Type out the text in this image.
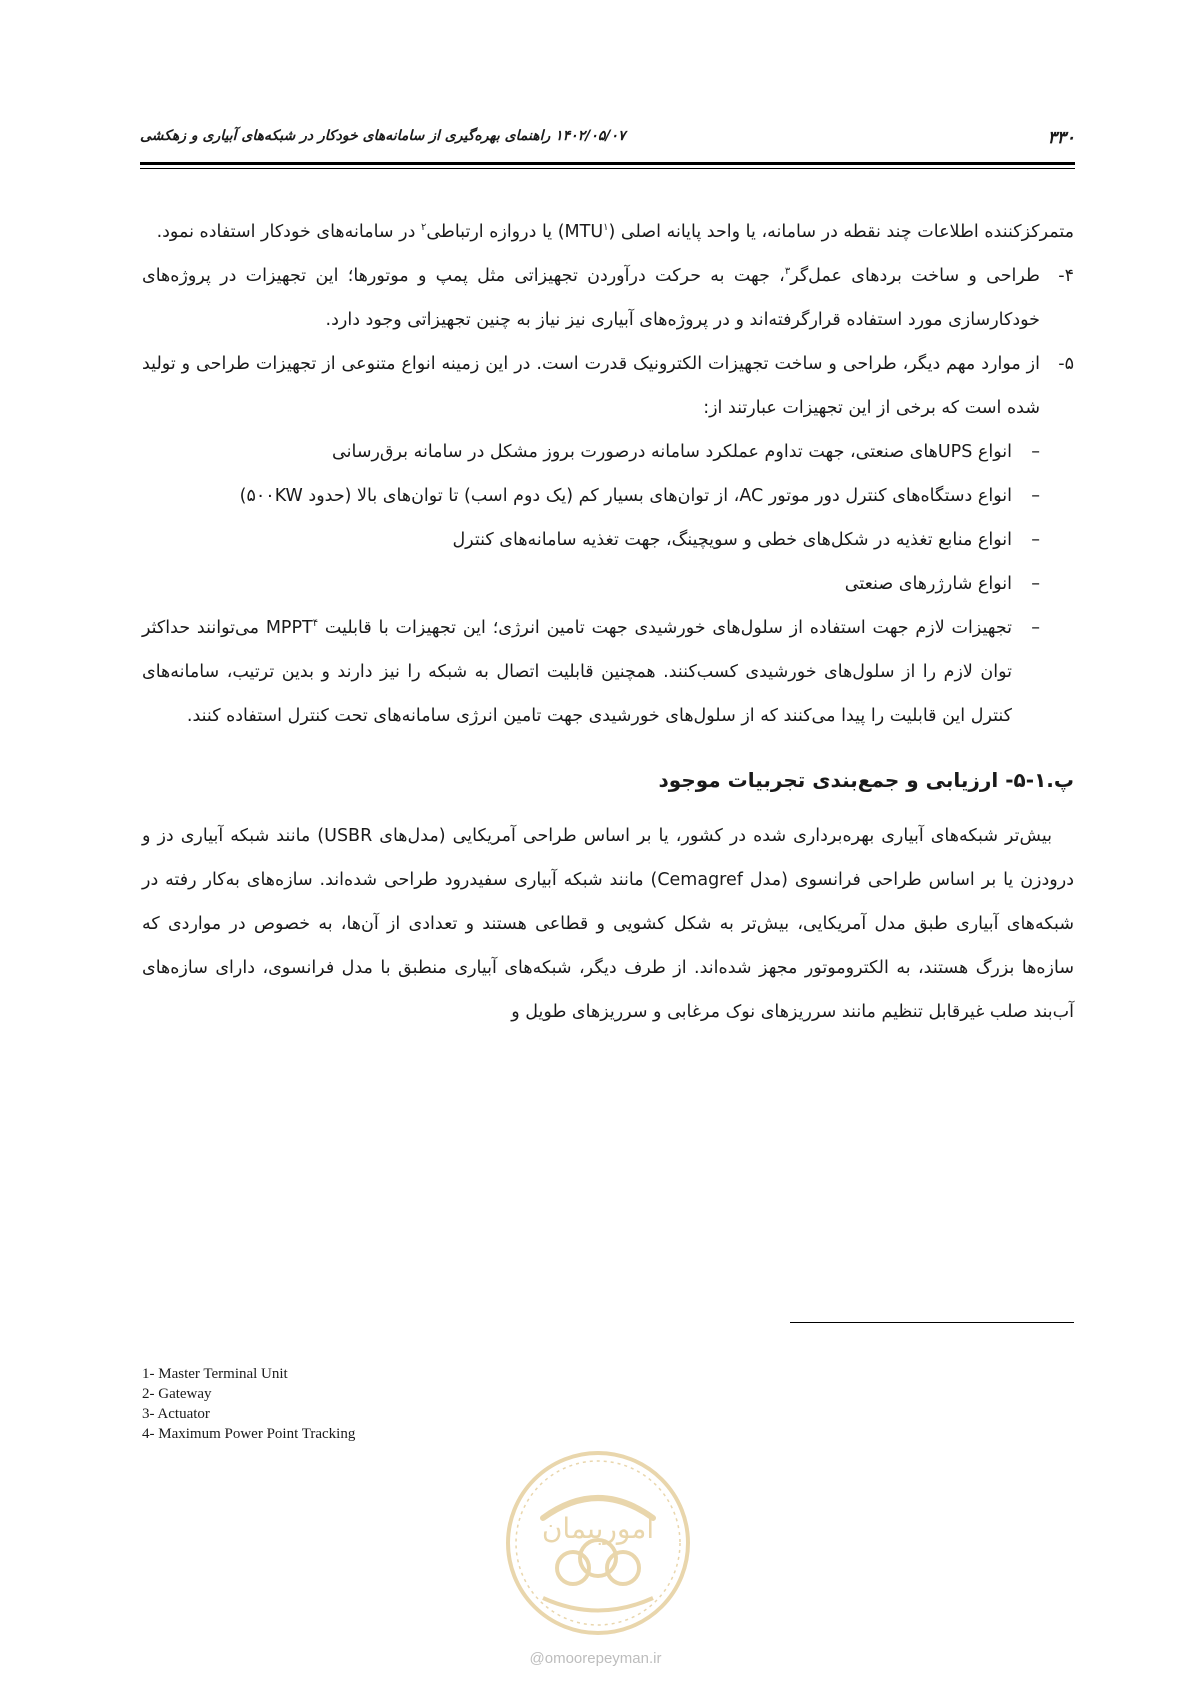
۳۳۰
۱۴۰۲/۰۵/۰۷ راهنمای بهره‌گیری از سامانه‌های خودکار در شبکه‌های آبیاری و زهکشی

متمرکزکننده اطلاعات چند نقطه در سامانه، یا واحد پایانه اصلی (MTU$^۱$) یا دروازه ارتباطی$^۲$ در سامانه‌های خودکار استفاده نمود.

۴-
طراحی و ساخت بردهای عمل‌گر$^۳$، جهت به حرکت درآوردن تجهیزاتی مثل پمپ و موتورها؛ این تجهیزات در پروژه‌های خودکارسازی مورد استفاده قرارگرفته‌اند و در پروژه‌های آبیاری نیز نیاز به چنین تجهیزاتی وجود دارد.
۵-
از موارد مهم دیگر، طراحی و ساخت تجهیزات الکترونیک قدرت است. در این زمینه انواع متنوعی از تجهیزات طراحی و تولید شده است که برخی از این تجهیزات عبارتند از:
–
انواع UPSهای صنعتی، جهت تداوم عملکرد سامانه درصورت بروز مشکل در سامانه برق‌رسانی
–
انواع دستگاه‌های کنترل دور موتور AC، از توان‌های بسیار کم (یک دوم اسب) تا توان‌های بالا (حدود ۵۰۰KW)
–
انواع منابع تغذیه در شکل‌های خطی و سویچینگ، جهت تغذیه سامانه‌های کنترل
–
انواع شارژرهای صنعتی
–
تجهیزات لازم جهت استفاده از سلول‌های خورشیدی جهت تامین انرژی؛ این تجهیزات با قابلیت MPPT$^۴$ می‌توانند حداکثر توان لازم را از سلول‌های خورشیدی کسب‌کنند. همچنین قابلیت اتصال به شبکه را نیز دارند و بدین ترتیب، سامانه‌های کنترل این قابلیت را پیدا می‌کنند که از سلول‌های خورشیدی جهت تامین انرژی سامانه‌های تحت کنترل استفاده کنند.
پ.۱-۵- ارزیابی و جمع‌بندی تجربیات موجود

بیش‌تر شبکه‌های آبیاری بهره‌برداری شده در کشور، یا بر اساس طراحی آمریکایی (مدل‌های USBR) مانند شبکه آبیاری دز و درودزن یا بر اساس طراحی فرانسوی (مدل Cemagref) مانند شبکه آبیاری سفیدرود طراحی شده‌اند. سازه‌های به‌کار رفته در شبکه‌های آبیاری طبق مدل آمریکایی، بیش‌تر به شکل کشویی و قطاعی هستند و تعدادی از آن‌ها، به خصوص در مواردی که سازه‌ها بزرگ هستند، به الکتروموتور مجهز شده‌اند. از طرف دیگر، شبکه‌های آبیاری منطبق با مدل فرانسوی، دارای سازه‌های آب‌بند صلب غیرقابل تنظیم مانند سرریزهای نوک مرغابی و سرریزهای طویل و

1- Master Terminal Unit
2- Gateway
3- Actuator
4- Maximum Power Point Tracking
امورپیمان
@omoorepeyman.ir
